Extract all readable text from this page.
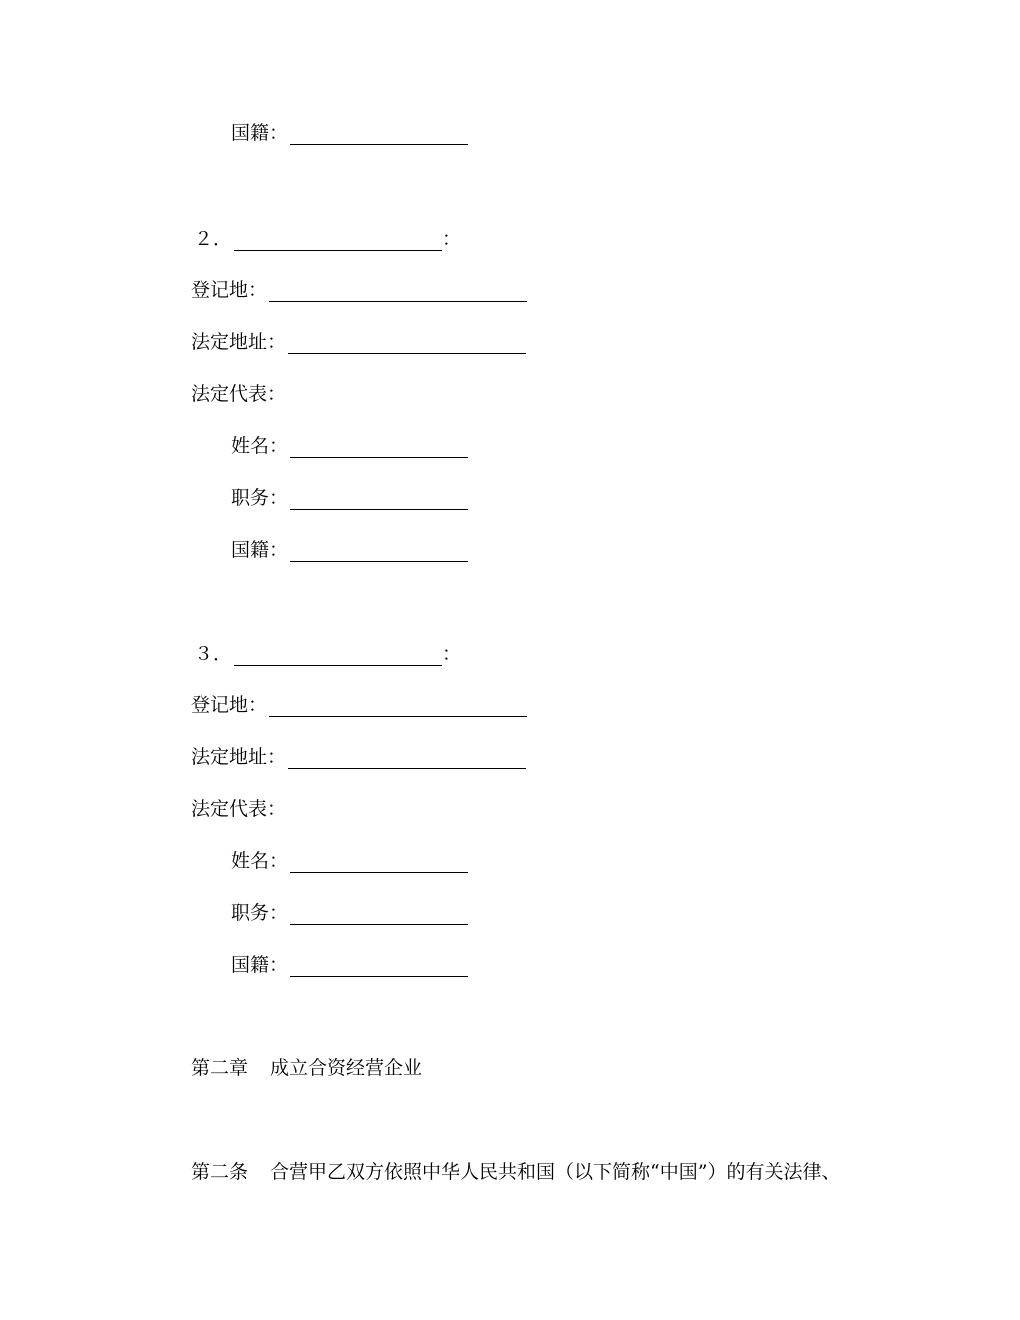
国籍：
２．	：
登记地：
法定地址：
法定代表：
姓名：
职务：
国籍：
３．	：
登记地：
法定地址：
法定代表：
姓名：
职务：
国籍：
第二章 成立合资经营企业
第二条 合营甲乙双方依照中华人民共和国（以下简称“中国”）的有关法律、
